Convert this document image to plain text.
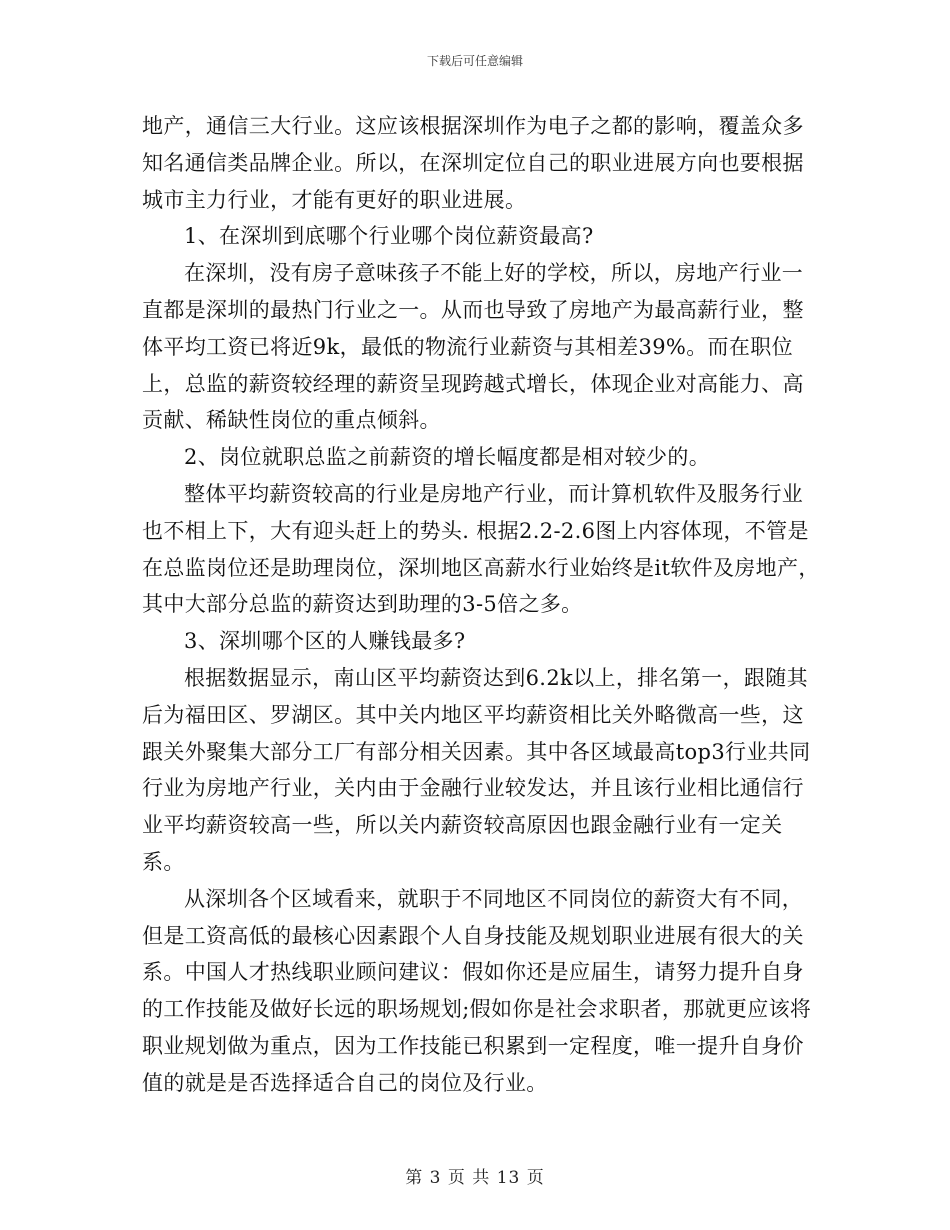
下载后可任意编辑

地产，通信三大行业。这应该根据深圳作为电子之都的影响，覆盖众多知名通信类品牌企业。所以，在深圳定位自己的职业进展方向也要根据城市主力行业，才能有更好的职业进展。

1、在深圳到底哪个行业哪个岗位薪资最高?

在深圳，没有房子意味孩子不能上好的学校，所以，房地产行业一直都是深圳的最热门行业之一。从而也导致了房地产为最高薪行业，整体平均工资已将近9k，最低的物流行业薪资与其相差39%。而在职位上，总监的薪资较经理的薪资呈现跨越式增长，体现企业对高能力、高贡献、稀缺性岗位的重点倾斜。

2、岗位就职总监之前薪资的增长幅度都是相对较少的。

整体平均薪资较高的行业是房地产行业，而计算机软件及服务行业也不相上下，大有迎头赶上的势头. 根据2.2-2.6图上内容体现，不管是在总监岗位还是助理岗位，深圳地区高薪水行业始终是it软件及房地产，其中大部分总监的薪资达到助理的3-5倍之多。

3、深圳哪个区的人赚钱最多?

根据数据显示，南山区平均薪资达到6.2k以上，排名第一，跟随其后为福田区、罗湖区。其中关内地区平均薪资相比关外略微高一些，这跟关外聚集大部分工厂有部分相关因素。其中各区域最高top3行业共同行业为房地产行业，关内由于金融行业较发达，并且该行业相比通信行业平均薪资较高一些，所以关内薪资较高原因也跟金融行业有一定关系。

从深圳各个区域看来，就职于不同地区不同岗位的薪资大有不同，但是工资高低的最核心因素跟个人自身技能及规划职业进展有很大的关系。中国人才热线职业顾问建议：假如你还是应届生，请努力提升自身的工作技能及做好长远的职场规划;假如你是社会求职者，那就更应该将职业规划做为重点，因为工作技能已积累到一定程度，唯一提升自身价值的就是是否选择适合自己的岗位及行业。

第 3 页 共 13 页
